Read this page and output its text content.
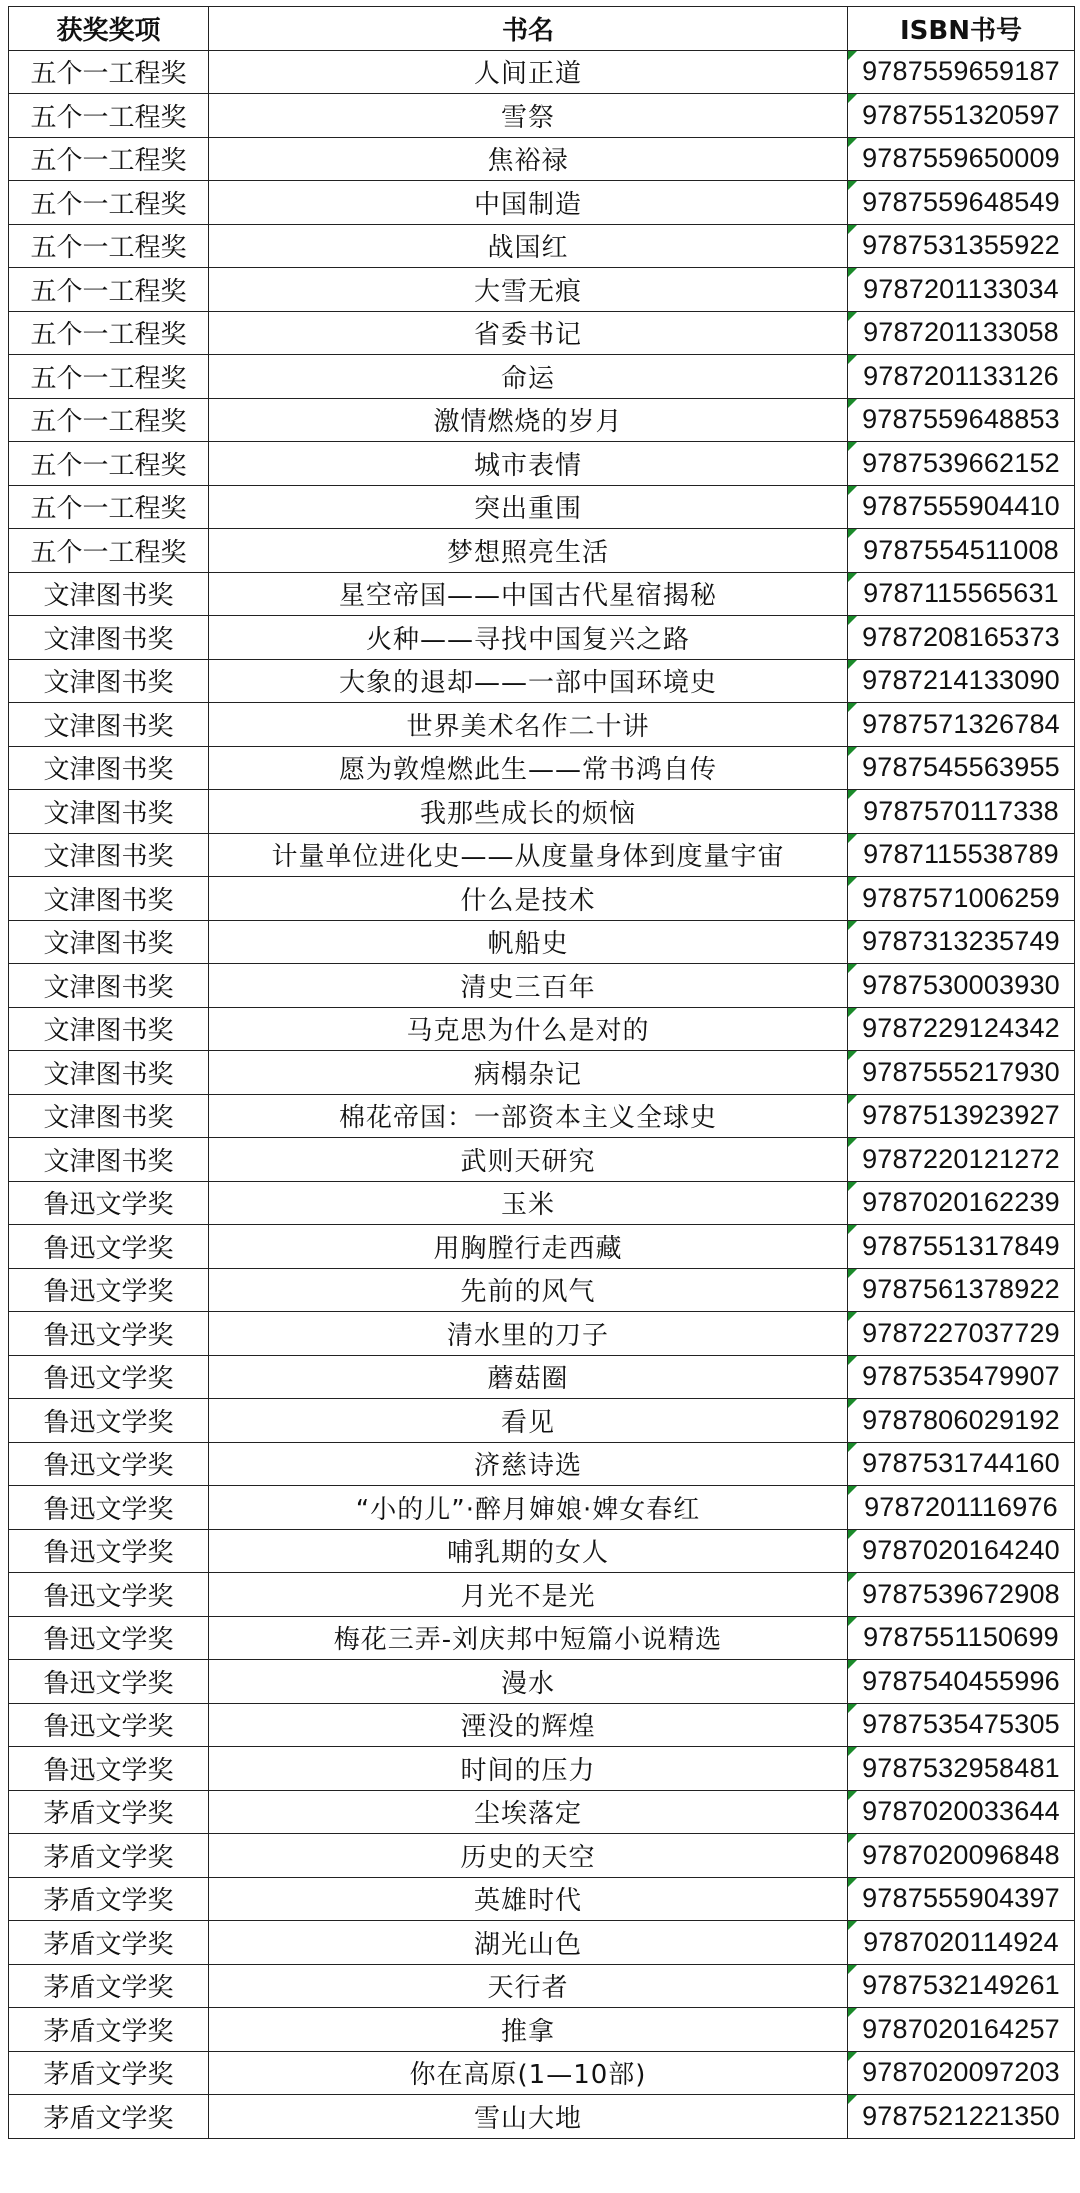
获奖奖项	书名	ISBN书号
五个一工程奖	人间正道	9787559659187
五个一工程奖	雪祭	9787551320597
五个一工程奖	焦裕禄	9787559650009
五个一工程奖	中国制造	9787559648549
五个一工程奖	战国红	9787531355922
五个一工程奖	大雪无痕	9787201133034
五个一工程奖	省委书记	9787201133058
五个一工程奖	命运	9787201133126
五个一工程奖	激情燃烧的岁月	9787559648853
五个一工程奖	城市表情	9787539662152
五个一工程奖	突出重围	9787555904410
五个一工程奖	梦想照亮生活	9787554511008
文津图书奖	星空帝国——中国古代星宿揭秘	9787115565631
文津图书奖	火种——寻找中国复兴之路	9787208165373
文津图书奖	大象的退却——一部中国环境史	9787214133090
文津图书奖	世界美术名作二十讲	9787571326784
文津图书奖	愿为敦煌燃此生——常书鸿自传	9787545563955
文津图书奖	我那些成长的烦恼	9787570117338
文津图书奖	计量单位进化史——从度量身体到度量宇宙	9787115538789
文津图书奖	什么是技术	9787571006259
文津图书奖	帆船史	9787313235749
文津图书奖	清史三百年	9787530003930
文津图书奖	马克思为什么是对的	9787229124342
文津图书奖	病榻杂记	9787555217930
文津图书奖	棉花帝国：一部资本主义全球史	9787513923927
文津图书奖	武则天研究	9787220121272
鲁迅文学奖	玉米	9787020162239
鲁迅文学奖	用胸膛行走西藏	9787551317849
鲁迅文学奖	先前的风气	9787561378922
鲁迅文学奖	清水里的刀子	9787227037729
鲁迅文学奖	蘑菇圈	9787535479907
鲁迅文学奖	看见	9787806029192
鲁迅文学奖	济慈诗选	9787531744160
鲁迅文学奖	“小的儿”·醉月婶娘·婢女春红	9787201116976
鲁迅文学奖	哺乳期的女人	9787020164240
鲁迅文学奖	月光不是光	9787539672908
鲁迅文学奖	梅花三弄-刘庆邦中短篇小说精选	9787551150699
鲁迅文学奖	漫水	9787540455996
鲁迅文学奖	湮没的辉煌	9787535475305
鲁迅文学奖	时间的压力	9787532958481
茅盾文学奖	尘埃落定	9787020033644
茅盾文学奖	历史的天空	9787020096848
茅盾文学奖	英雄时代	9787555904397
茅盾文学奖	湖光山色	9787020114924
茅盾文学奖	天行者	9787532149261
茅盾文学奖	推拿	9787020164257
茅盾文学奖	你在高原(1—10部)	9787020097203
茅盾文学奖	雪山大地	9787521221350
